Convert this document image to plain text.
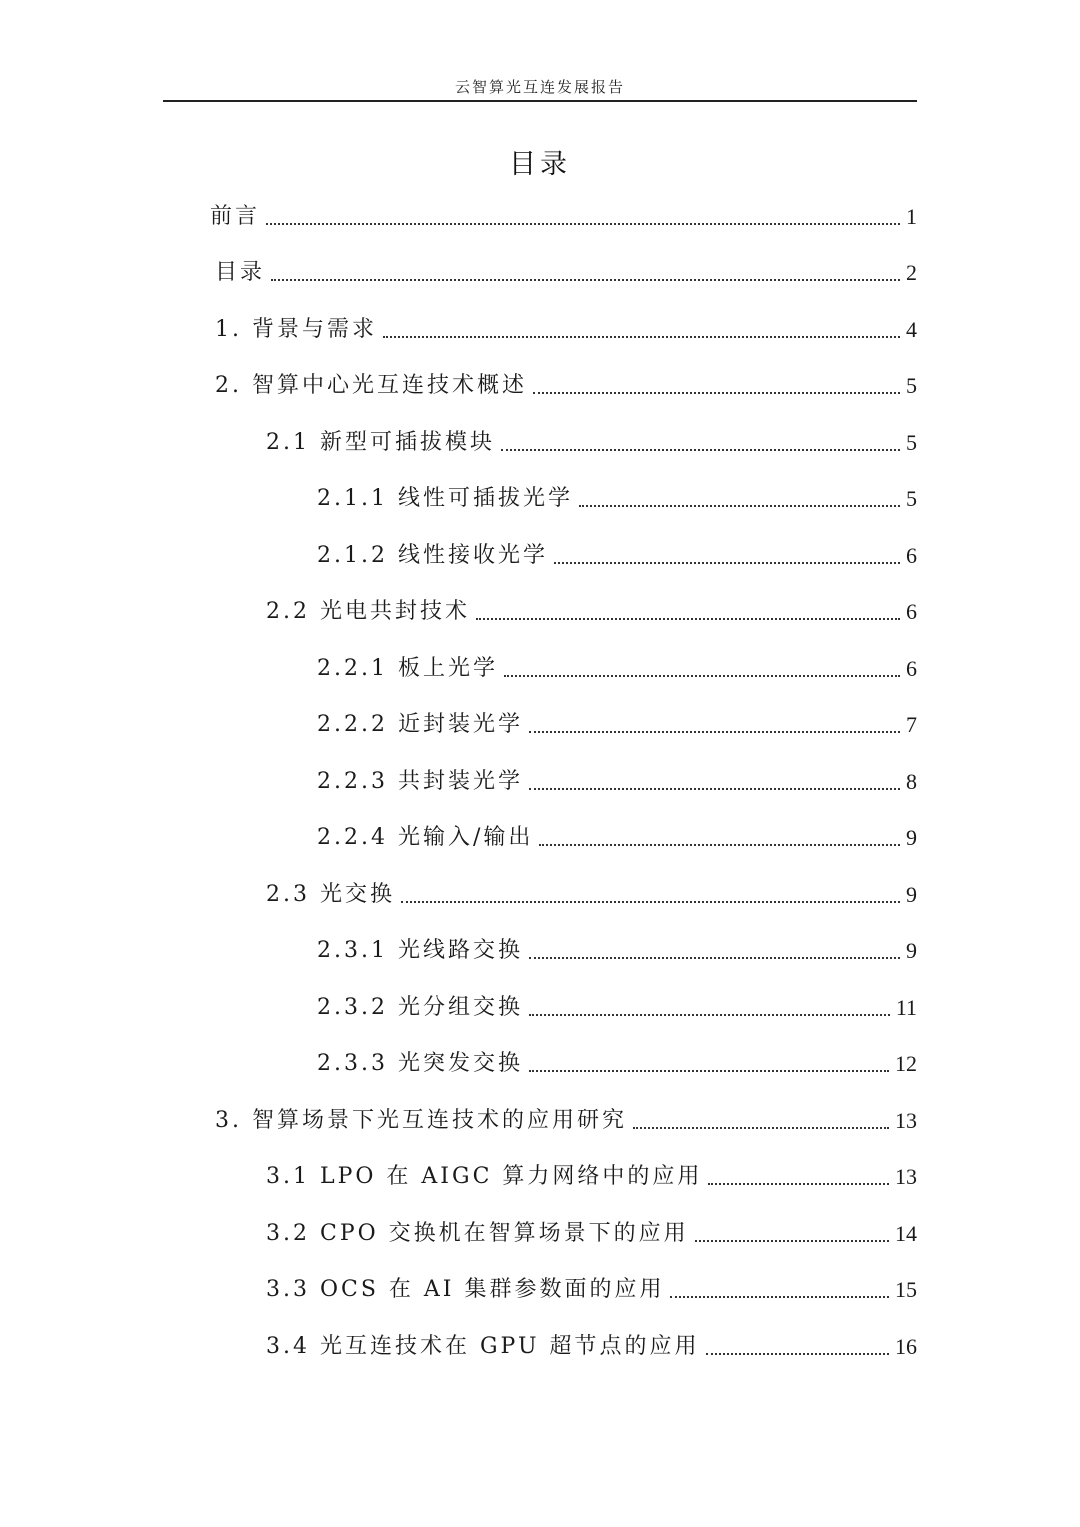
云智算光互连发展报告
目录
前言	1
目录	2
1. 背景与需求	4
2. 智算中心光互连技术概述	5
2.1 新型可插拔模块	5
2.1.1 线性可插拔光学	5
2.1.2 线性接收光学	6
2.2 光电共封技术	6
2.2.1 板上光学	6
2.2.2 近封装光学	7
2.2.3 共封装光学	8
2.2.4 光输入/输出	9
2.3 光交换	9
2.3.1 光线路交换	9
2.3.2 光分组交换	11
2.3.3 光突发交换	12
3. 智算场景下光互连技术的应用研究	13
3.1 LPO 在 AIGC 算力网络中的应用	13
3.2 CPO 交换机在智算场景下的应用	14
3.3 OCS 在 AI 集群参数面的应用	15
3.4 光互连技术在 GPU 超节点的应用	16
